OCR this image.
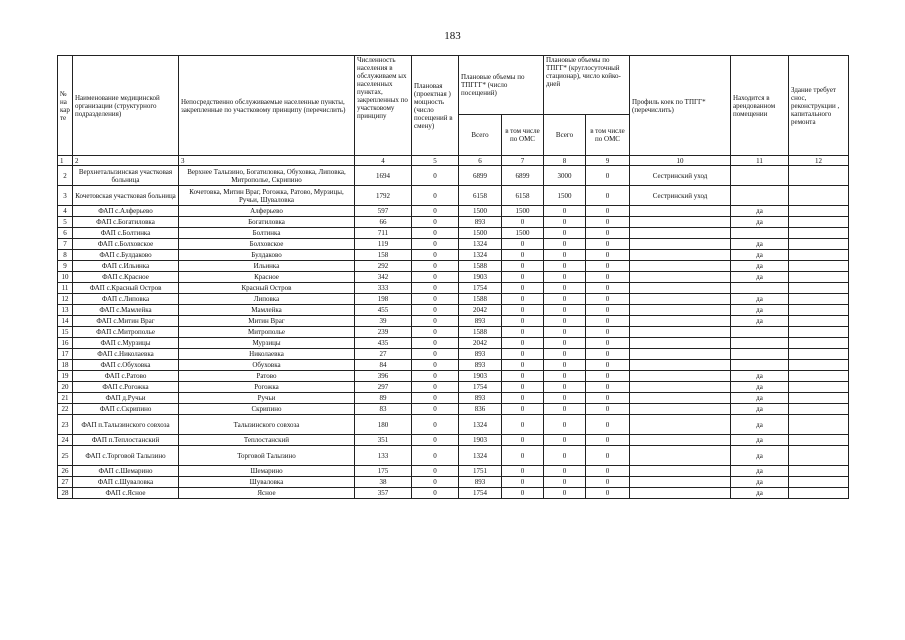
183
№ на кар те	Наименование медицинской организации (структурного подразделения)	Непосредственно обслуживаемые населенные пункты, закрепленные по участковому принципу (перечислить)	Численность населения в обслуживаем ых населенных пунктах, закрепленных по участковому принципу	Плановая (проектная ) мощность (число посещений в смену)	Плановые объемы по ТПГГГ* (число посещений)		Плановые объемы по ТПГГ* (круглосуточный стационар), число койко-дней		Профиль коек по ТПГГ* (перечислить)	Находится в арендованном помещении	Здание требует снос, реконструкции , капитального ремонта
					Всего	в том числе по ОМС	Всего	в том числе по ОМС			
1	2	3	4	5	6	7	8	9	10	11	12
2	Верхнеталызинская участковая больница	Верхнее Талызино, Богатиловка, Обуховка, Липовка, Митрополье, Скрипино	1694	0	6899	6899	3000	0	Сестринский уход		
3	Кочетовская участковая больница	Кочетовка, Митин Враг, Рогожка, Ратово, Мурзицы, Ручьи, Шуваловка	1792	0	6158	6158	1500	0	Сестринский уход		
4	ФАП с.Алферьево	Алферьево	597	0	1500	1500	0	0		да	
5	ФАП с.Богатиловка	Богатиловка	66	0	893	0	0	0		да	
6	ФАП с.Болтинка	Болтинка	711	0	1500	1500	0	0			
7	ФАП с.Болховское	Болховское	119	0	1324	0	0	0		да	
8	ФАП с.Булдаково	Булдаково	158	0	1324	0	0	0		да	
9	ФАП с.Ильинка	Ильинка	292	0	1588	0	0	0		да	
10	ФАП с.Красное	Красное	342	0	1903	0	0	0		да	
11	ФАП с.Красный Остров	Красный Остров	333	0	1754	0	0	0			
12	ФАП с.Липовка	Липовка	198	0	1588	0	0	0		да	
13	ФАП с.Мамлейка	Мамлейка	455	0	2042	0	0	0		да	
14	ФАП с.Митин Враг	Митин Враг	39	0	893	0	0	0		да	
15	ФАП с.Митрополье	Митрополье	239	0	1588	0	0	0			
16	ФАП с.Мурзицы	Мурзицы	435	0	2042	0	0	0			
17	ФАП с.Николаевка	Николаевка	27	0	893	0	0	0			
18	ФАП с.Обуховка	Обуховка	84	0	893	0	0	0			
19	ФАП с.Ратово	Ратово	396	0	1903	0	0	0		да	
20	ФАП с.Рогожка	Рогожка	297	0	1754	0	0	0		да	
21	ФАП д.Ручьи	Ручьи	89	0	893	0	0	0		да	
22	ФАП с.Скрипино	Скрипино	83	0	836	0	0	0		да	
23	ФАП п.Талызинского совхоза	Талызинского совхоза	180	0	1324	0	0	0		да	
24	ФАП п.Теплостанский	Теплостанский	351	0	1903	0	0	0		да	
25	ФАП с.Торговой Талызино	Торговой Талызино	133	0	1324	0	0	0		да	
26	ФАП с.Шемарино	Шемарино	175	0	1751	0	0	0		да	
27	ФАП с.Шуваловка	Шуваловка	38	0	893	0	0	0		да	
28	ФАП с.Ясное	Ясное	357	0	1754	0	0	0		да	
